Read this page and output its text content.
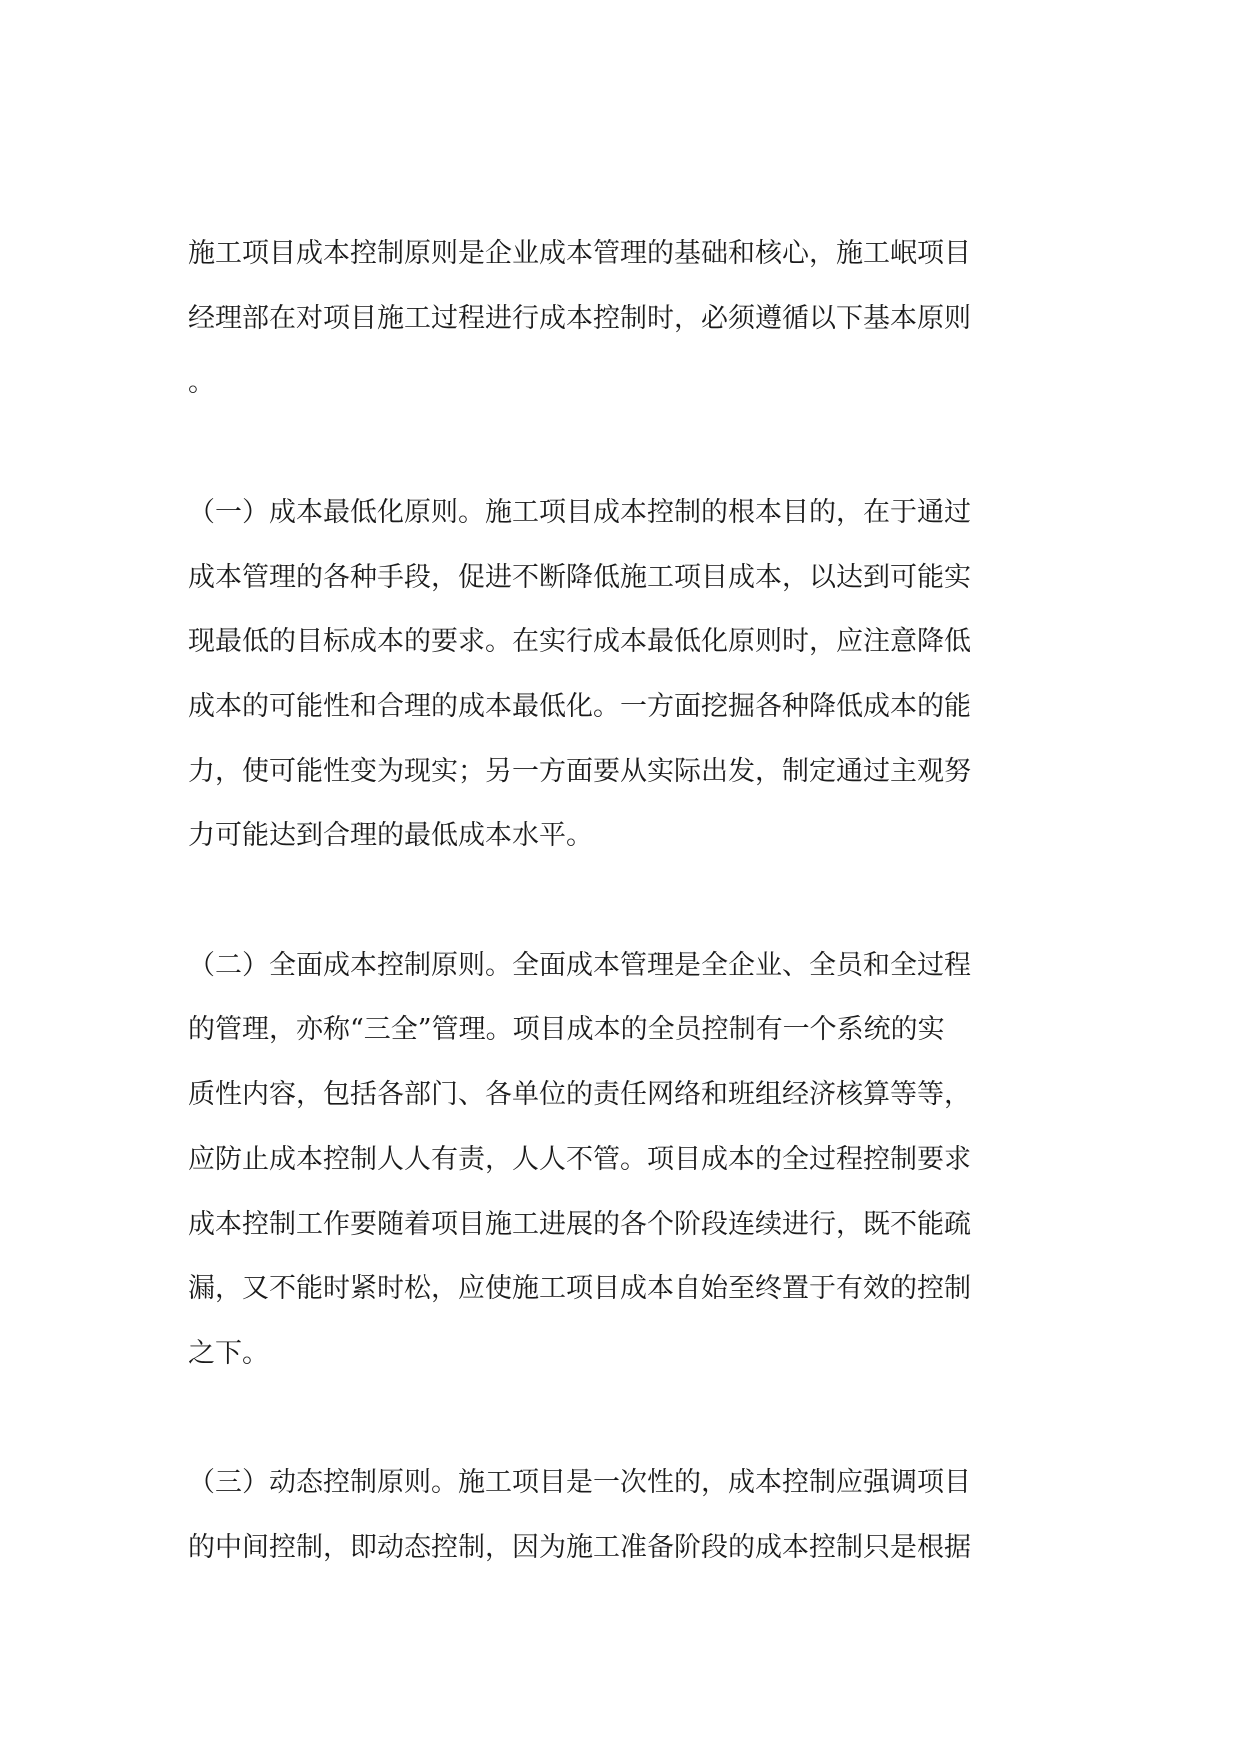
施工项目成本控制原则是企业成本管理的基础和核心，施工岷项目
经理部在对项目施工过程进行成本控制时，必须遵循以下基本原则
。

（一）成本最低化原则。施工项目成本控制的根本目的，在于通过
成本管理的各种手段，促进不断降低施工项目成本，以达到可能实
现最低的目标成本的要求。在实行成本最低化原则时，应注意降低
成本的可能性和合理的成本最低化。一方面挖掘各种降低成本的能
力，使可能性变为现实；另一方面要从实际出发，制定通过主观努
力可能达到合理的最低成本水平。

（二）全面成本控制原则。全面成本管理是全企业、全员和全过程
的管理，亦称“三全”管理。项目成本的全员控制有一个系统的实
质性内容，包括各部门、各单位的责任网络和班组经济核算等等，
应防止成本控制人人有责，人人不管。项目成本的全过程控制要求
成本控制工作要随着项目施工进展的各个阶段连续进行，既不能疏
漏，又不能时紧时松，应使施工项目成本自始至终置于有效的控制
之下。

（三）动态控制原则。施工项目是一次性的，成本控制应强调项目
的中间控制，即动态控制，因为施工准备阶段的成本控制只是根据
